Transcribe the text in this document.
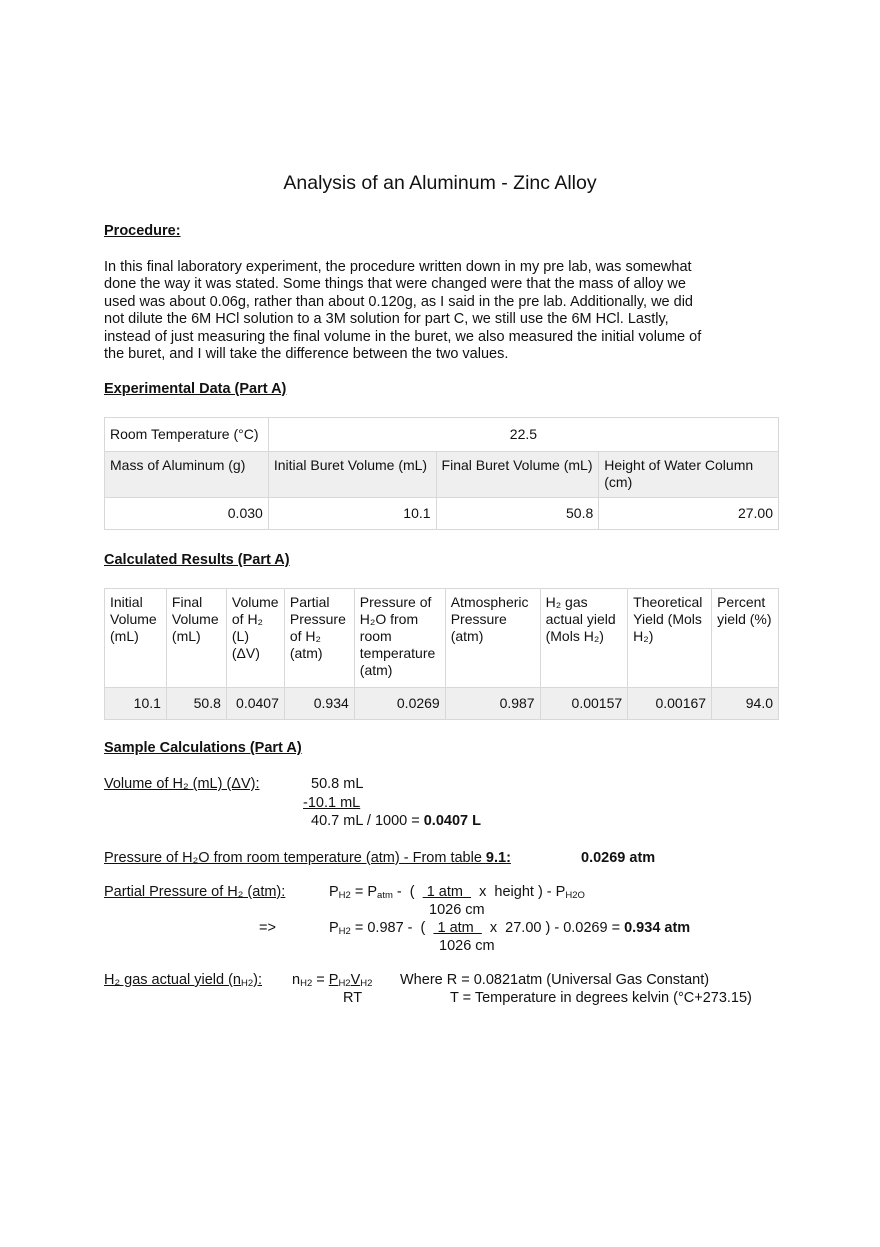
Analysis of an Aluminum - Zinc Alloy
Procedure:
In this final laboratory experiment, the procedure written down in my pre lab, was somewhat
done the way it was stated. Some things that were changed were that the mass of alloy we
used was about 0.06g, rather than about 0.120g, as I said in the pre lab. Additionally, we did
not dilute the 6M HCl solution to a 3M solution for part C, we still use the 6M HCl. Lastly,
instead of just measuring the final volume in the buret, we also measured the initial volume of
the buret, and I will take the difference between the two values.
Experimental Data (Part A)
Room Temperature (°C)	22.5		
Mass of Aluminum (g)	Initial Buret Volume (mL)	Final Buret Volume (mL)	Height of Water Column (cm)
0.030	10.1	50.8	27.00
Calculated Results (Part A)
Initial Volume (mL)	Final Volume (mL)	Volume of H₂ (L) (ΔV)	Partial Pressure of H₂ (atm)	Pressure of H₂O from room temperature (atm)	Atmospheric Pressure (atm)	H₂ gas actual yield (Mols H₂)	Theoretical Yield (Mols H₂)	Percent yield (%)
10.1	50.8	0.0407	0.934	0.0269	0.987	0.00157	0.00167	94.0
Sample Calculations (Part A)
Volume of H₂ (mL) (ΔV):	50.8 mL
-10.1 mL
40.7 mL / 1000 = 0.0407 L
Pressure of H₂O from room temperature (atm) - From table 9.1:	0.0269 atm
Partial Pressure of H₂ (atm):	$P_{H2} = P_{atm}$ -  (   1 atm    x  height ) - $P_{H2O}$
1026 cm
=>	$P_{H2} = 0.987$ -  (   1 atm    x  27.00 ) - 0.0269 = 0.934 atm
1026 cm
H₂ gas actual yield $(n_{H2})$: $n_{H2} = P_{H2}V_{H2}$
RT
Where R = 0.0821atm (Universal Gas Constant)
T = Temperature in degrees kelvin (°C+273.15)
